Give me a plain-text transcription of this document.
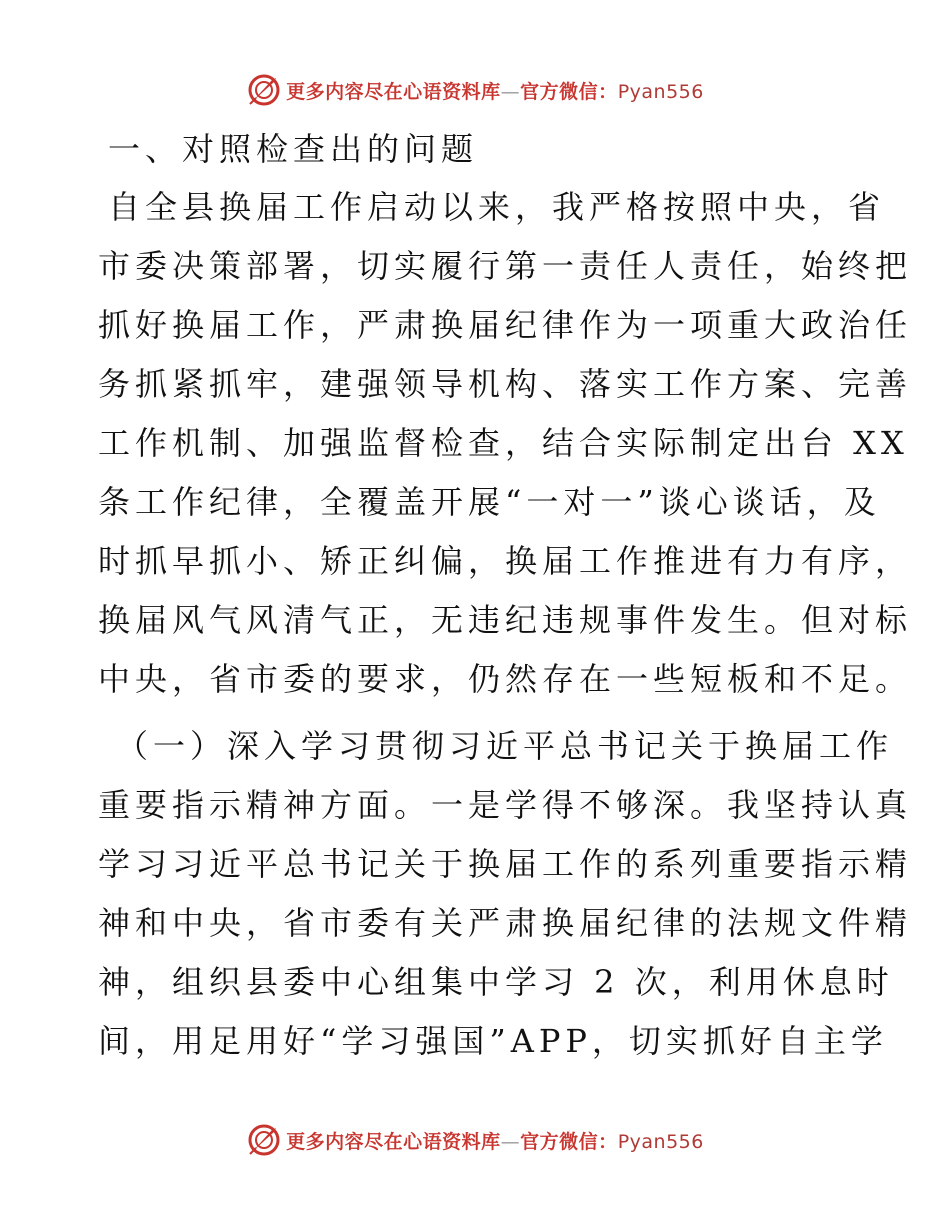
更多内容尽在心语资料库—官方微信：Pyan556
一、对照检查出的问题
自全县换届工作启动以来，我严格按照中央，省
市委决策部署，切实履行第一责任人责任，始终把
抓好换届工作，严肃换届纪律作为一项重大政治任
务抓紧抓牢，建强领导机构、落实工作方案、完善
工作机制、加强监督检查，结合实际制定出台 XX
条工作纪律，全覆盖开展“一对一”谈心谈话，及
时抓早抓小、矫正纠偏，换届工作推进有力有序，
换届风气风清气正，无违纪违规事件发生。但对标
中央，省市委的要求，仍然存在一些短板和不足。
（一）深入学习贯彻习近平总书记关于换届工作
重要指示精神方面。一是学得不够深。我坚持认真
学习习近平总书记关于换届工作的系列重要指示精
神和中央，省市委有关严肃换届纪律的法规文件精
神，组织县委中心组集中学习 2 次，利用休息时
间，用足用好“学习强国”APP，切实抓好自主学
更多内容尽在心语资料库—官方微信：Pyan556
